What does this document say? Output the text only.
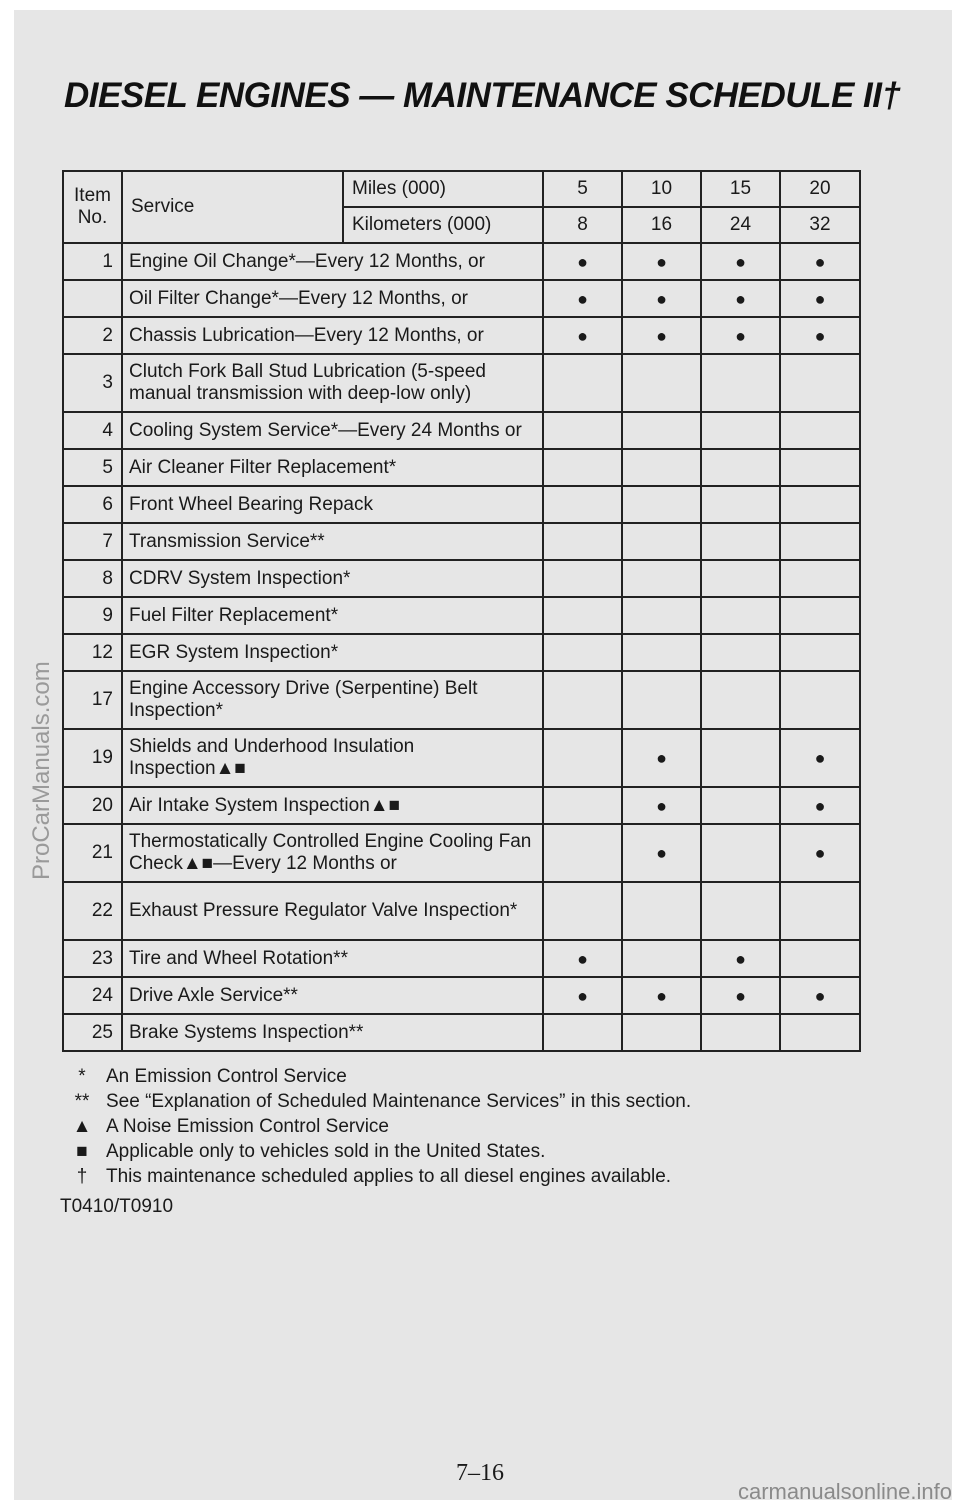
DIESEL ENGINES — MAINTENANCE SCHEDULE II†
Item No.	Service	Miles (000)	5	10	15	20
		Kilometers (000)	8	16	24	32
1	Engine Oil Change*—Every 12 Months, or		●	●	●	●
	Oil Filter Change*—Every 12 Months, or		●	●	●	●
2	Chassis Lubrication—Every 12 Months, or		●	●	●	●
3	Clutch Fork Ball Stud Lubrication (5-speed manual transmission with deep-low only)					
4	Cooling System Service*—Every 24 Months or					
5	Air Cleaner Filter Replacement*					
6	Front Wheel Bearing Repack					
7	Transmission Service**					
8	CDRV System Inspection*					
9	Fuel Filter Replacement*					
12	EGR System Inspection*					
17	Engine Accessory Drive (Serpentine) Belt Inspection*					
19	Shields and Underhood Insulation Inspection▲■			●		●
20	Air Intake System Inspection▲■			●		●
21	Thermostatically Controlled Engine Cooling Fan Check▲■—Every 12 Months or			●		●
22	Exhaust Pressure Regulator Valve Inspection*					
23	Tire and Wheel Rotation**		●		●	
24	Drive Axle Service**		●	●	●	●
25	Brake Systems Inspection**					
*	An Emission Control Service
** See “Explanation of Scheduled Maintenance Services” in this section.
▲ A Noise Emission Control Service
■ Applicable only to vehicles sold in the United States.
† This maintenance scheduled applies to all diesel engines available.
T0410/T0910
7–16
ProCarManuals.com
carmanualsonline.info
